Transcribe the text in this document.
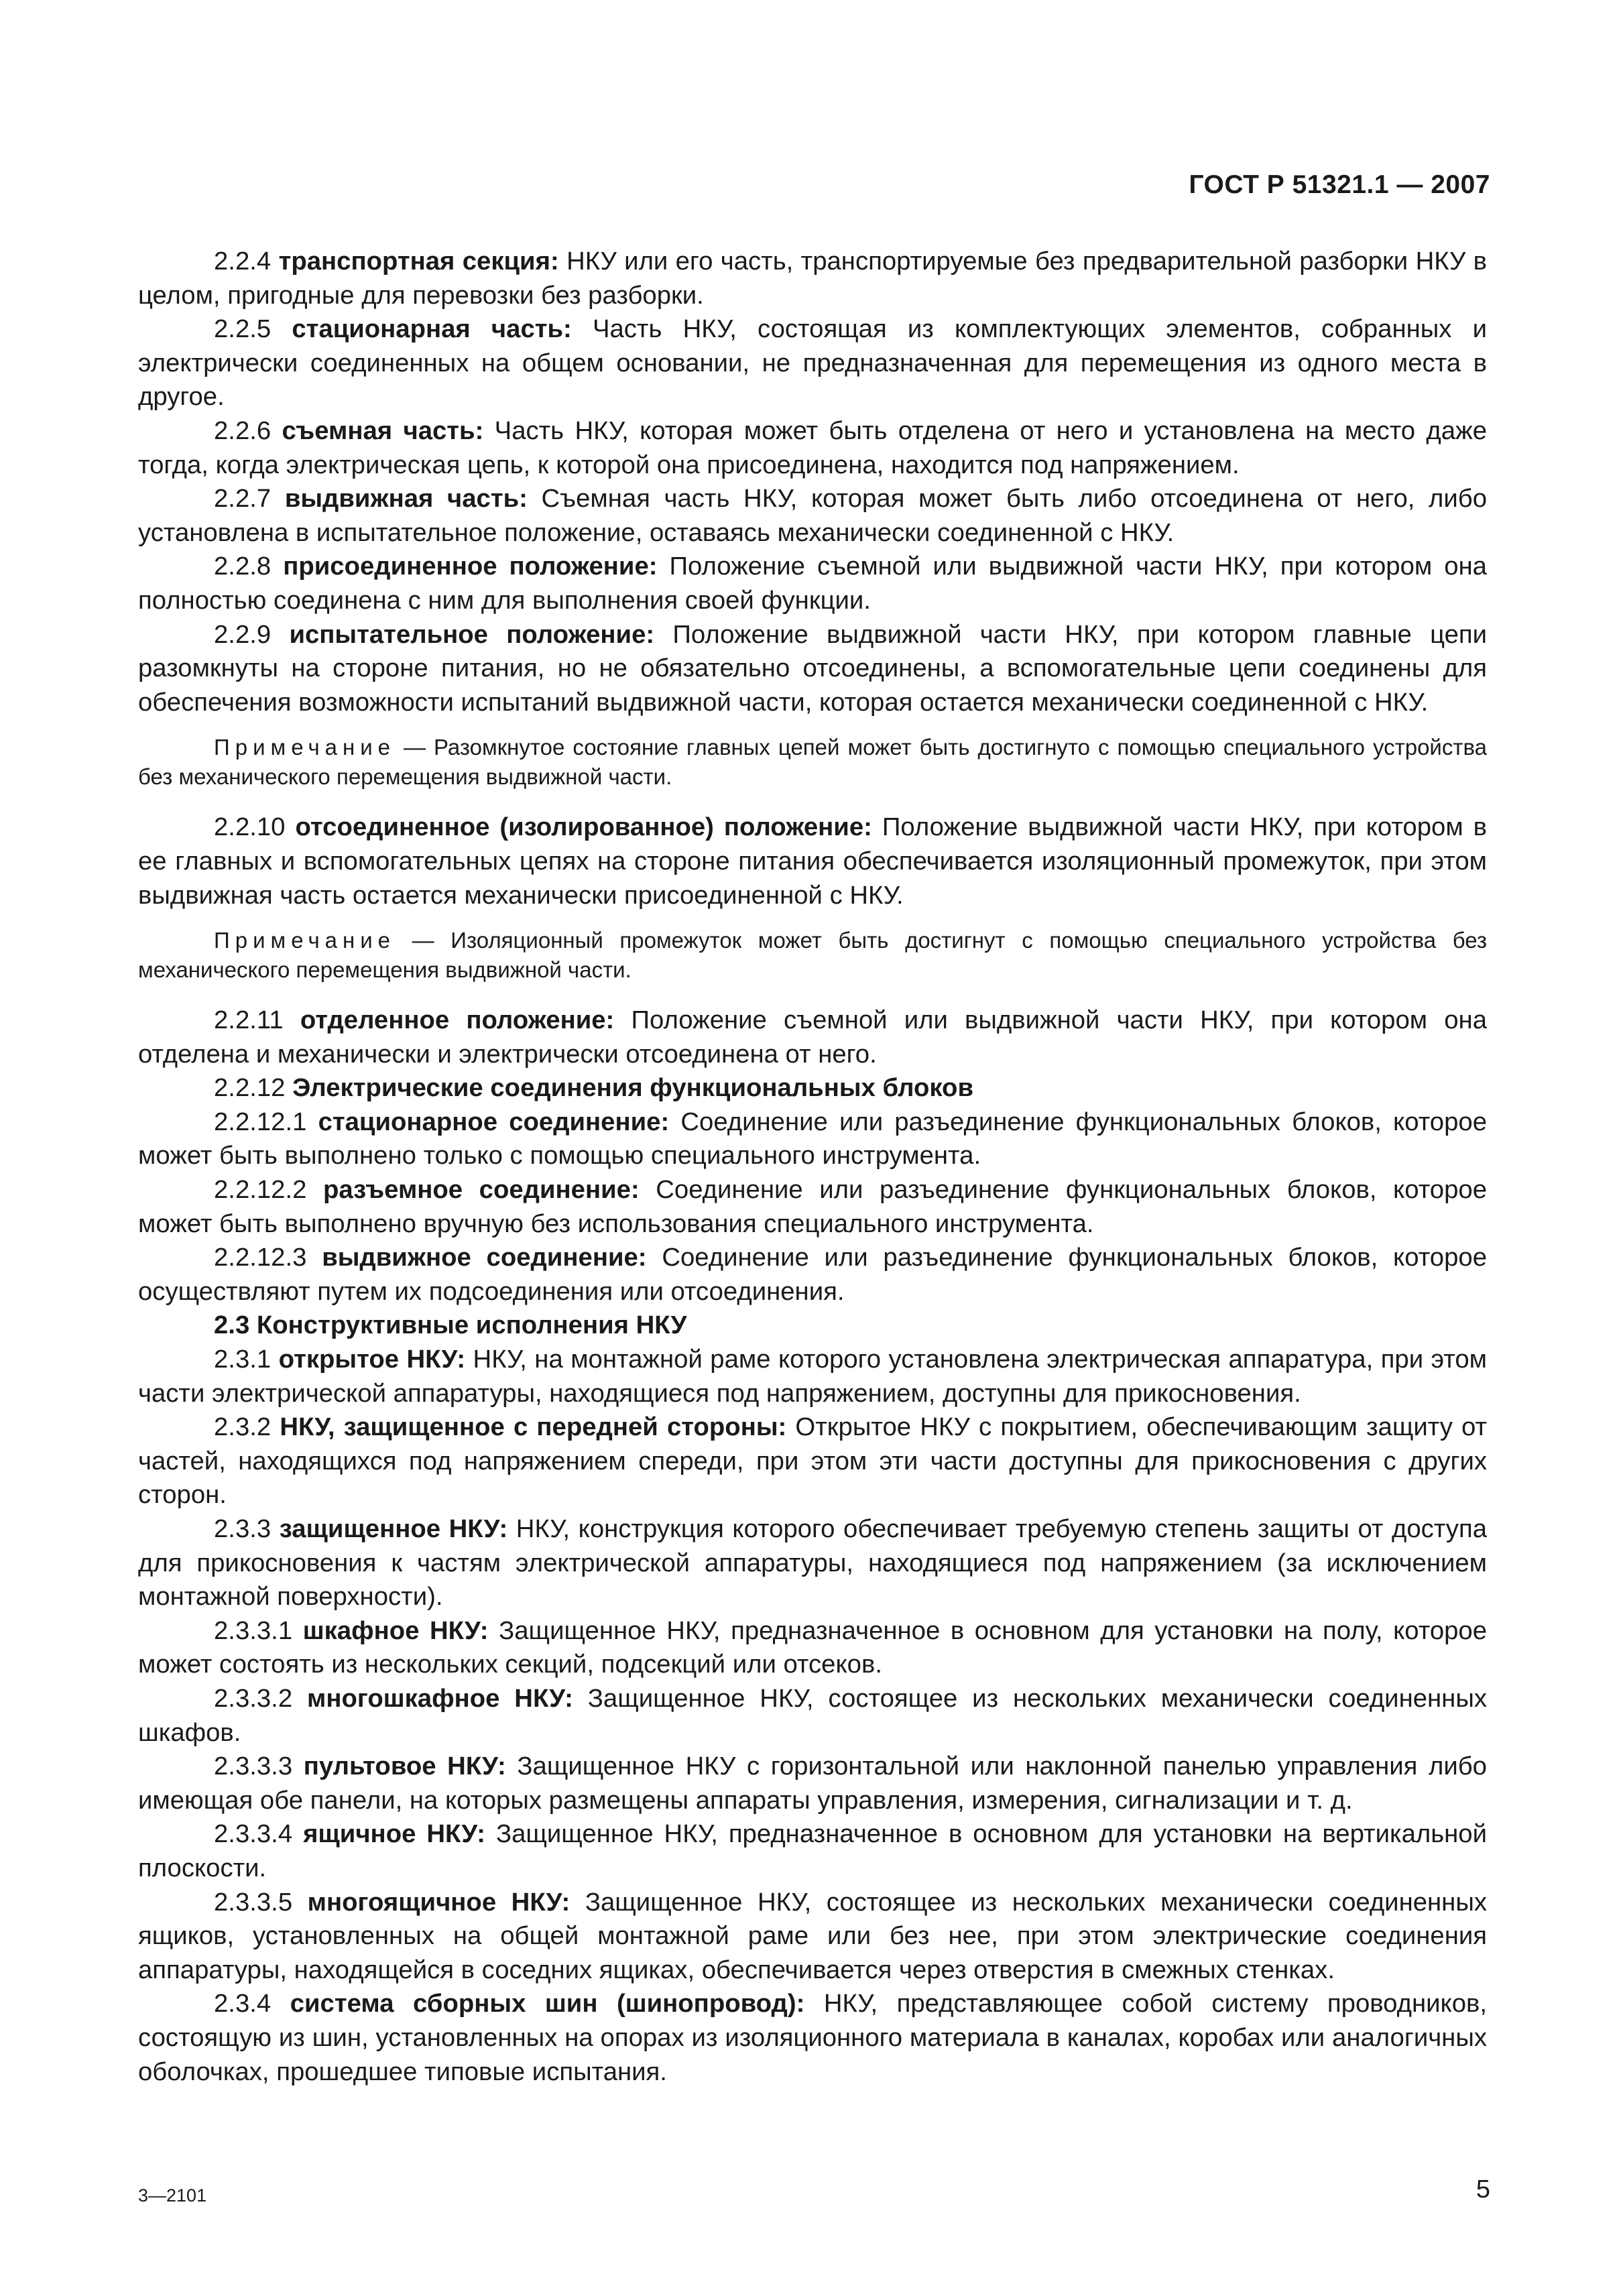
ГОСТ Р 51321.1 — 2007

2.2.4 транспортная секция: НКУ или его часть, транспортируемые без предварительной разборки НКУ в целом, пригодные для перевозки без разборки.

2.2.5 стационарная часть: Часть НКУ, состоящая из комплектующих элементов, собранных и электрически соединенных на общем основании, не предназначенная для перемещения из одного места в другое.

2.2.6 съемная часть: Часть НКУ, которая может быть отделена от него и установлена на место даже тогда, когда электрическая цепь, к которой она присоединена, находится под напряжением.

2.2.7 выдвижная часть: Съемная часть НКУ, которая может быть либо отсоединена от него, либо установлена в испытательное положение, оставаясь механически соединенной с НКУ.

2.2.8 присоединенное положение: Положение съемной или выдвижной части НКУ, при котором она полностью соединена с ним для выполнения своей функции.

2.2.9 испытательное положение: Положение выдвижной части НКУ, при котором главные цепи разомкнуты на стороне питания, но не обязательно отсоединены, а вспомогательные цепи соединены для обеспечения возможности испытаний выдвижной части, которая остается механически соединенной с НКУ.

Примечание — Разомкнутое состояние главных цепей может быть достигнуто с помощью специального устройства без механического перемещения выдвижной части.

2.2.10 отсоединенное (изолированное) положение: Положение выдвижной части НКУ, при котором в ее главных и вспомогательных цепях на стороне питания обеспечивается изоляционный промежуток, при этом выдвижная часть остается механически присоединенной с НКУ.

Примечание — Изоляционный промежуток может быть достигнут с помощью специального устройства без механического перемещения выдвижной части.

2.2.11 отделенное положение: Положение съемной или выдвижной части НКУ, при котором она отделена и механически и электрически отсоединена от него.

2.2.12 Электрические соединения функциональных блоков

2.2.12.1 стационарное соединение: Соединение или разъединение функциональных блоков, которое может быть выполнено только с помощью специального инструмента.

2.2.12.2 разъемное соединение: Соединение или разъединение функциональных блоков, которое может быть выполнено вручную без использования специального инструмента.

2.2.12.3 выдвижное соединение: Соединение или разъединение функциональных блоков, которое осуществляют путем их подсоединения или отсоединения.

2.3 Конструктивные исполнения НКУ

2.3.1 открытое НКУ: НКУ, на монтажной раме которого установлена электрическая аппаратура, при этом части электрической аппаратуры, находящиеся под напряжением, доступны для прикосновения.

2.3.2 НКУ, защищенное с передней стороны: Открытое НКУ с покрытием, обеспечивающим защиту от частей, находящихся под напряжением спереди, при этом эти части доступны для прикосновения с других сторон.

2.3.3 защищенное НКУ: НКУ, конструкция которого обеспечивает требуемую степень защиты от доступа для прикосновения к частям электрической аппаратуры, находящиеся под напряжением (за исключением монтажной поверхности).

2.3.3.1 шкафное НКУ: Защищенное НКУ, предназначенное в основном для установки на полу, которое может состоять из нескольких секций, подсекций или отсеков.

2.3.3.2 многошкафное НКУ: Защищенное НКУ, состоящее из нескольких механически соединенных шкафов.

2.3.3.3 пультовое НКУ: Защищенное НКУ с горизонтальной или наклонной панелью управления либо имеющая обе панели, на которых размещены аппараты управления, измерения, сигнализации и т. д.

2.3.3.4 ящичное НКУ: Защищенное НКУ, предназначенное в основном для установки на вертикальной плоскости.

2.3.3.5 многоящичное НКУ: Защищенное НКУ, состоящее из нескольких механически соединенных ящиков, установленных на общей монтажной раме или без нее, при этом электрические соединения аппаратуры, находящейся в соседних ящиках, обеспечивается через отверстия в смежных стенках.

2.3.4 система сборных шин (шинопровод): НКУ, представляющее собой систему проводников, состоящую из шин, установленных на опорах из изоляционного материала в каналах, коробах или аналогичных оболочках, прошедшее типовые испытания.

3—2101	5
